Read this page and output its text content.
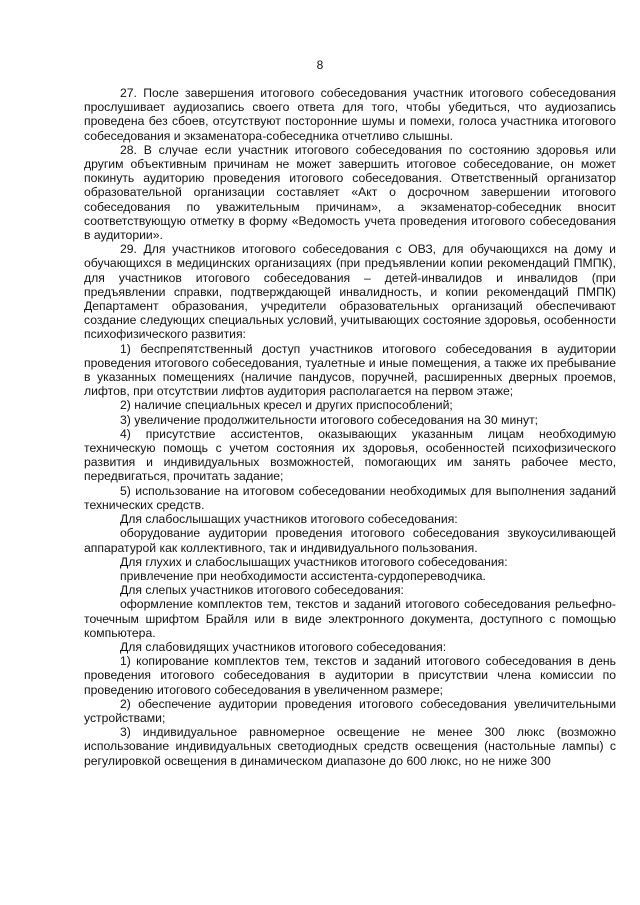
8

27. После завершения итогового собеседования участник итогового собеседования прослушивает аудиозапись своего ответа для того, чтобы убедиться, что аудиозапись проведена без сбоев, отсутствуют посторонние шумы и помехи, голоса участника итогового собеседования и экзаменатора-собеседника отчетливо слышны.

28. В случае если участник итогового собеседования по состоянию здоровья или другим объективным причинам не может завершить итоговое собеседование, он может покинуть аудиторию проведения итогового собеседования. Ответственный организатор образовательной организации составляет «Акт о досрочном завершении итогового собеседования по уважительным причинам», а экзаменатор-собеседник вносит соответствующую отметку в форму «Ведомость учета проведения итогового собеседования в аудитории».

29. Для участников итогового собеседования с ОВЗ, для обучающихся на дому и обучающихся в медицинских организациях (при предъявлении копии рекомендаций ПМПК), для участников итогового собеседования – детей-инвалидов и инвалидов (при предъявлении справки, подтверждающей инвалидность, и копии рекомендаций ПМПК) Департамент образования, учредители образовательных организаций обеспечивают создание следующих специальных условий, учитывающих состояние здоровья, особенности психофизического развития:

1) беспрепятственный доступ участников итогового собеседования в аудитории проведения итогового собеседования, туалетные и иные помещения, а также их пребывание в указанных помещениях (наличие пандусов, поручней, расширенных дверных проемов, лифтов, при отсутствии лифтов аудитория располагается на первом этаже;

2) наличие специальных кресел и других приспособлений;

3) увеличение продолжительности итогового собеседования на 30 минут;

4) присутствие ассистентов, оказывающих указанным лицам необходимую техническую помощь с учетом состояния их здоровья, особенностей психофизического развития и индивидуальных возможностей, помогающих им занять рабочее место, передвигаться, прочитать задание;

5) использование на итоговом собеседовании необходимых для выполнения заданий технических средств.

Для слабослышащих участников итогового собеседования:

оборудование аудитории проведения итогового собеседования звукоусиливающей аппаратурой как коллективного, так и индивидуального пользования.

Для глухих и слабослышащих участников итогового собеседования:

привлечение при необходимости ассистента-сурдопереводчика.

Для слепых участников итогового собеседования:

оформление комплектов тем, текстов и заданий итогового собеседования рельефно-точечным шрифтом Брайля или в виде электронного документа, доступного с помощью компьютера.

Для слабовидящих участников итогового собеседования:

1) копирование комплектов тем, текстов и заданий итогового собеседования в день проведения итогового собеседования в аудитории в присутствии члена комиссии по проведению итогового собеседования в увеличенном размере;

2) обеспечение аудитории проведения итогового собеседования увеличительными устройствами;

3) индивидуальное равномерное освещение не менее 300 люкс (возможно использование индивидуальных светодиодных средств освещения (настольные лампы) с регулировкой освещения в динамическом диапазоне до 600 люкс, но не ниже 300
